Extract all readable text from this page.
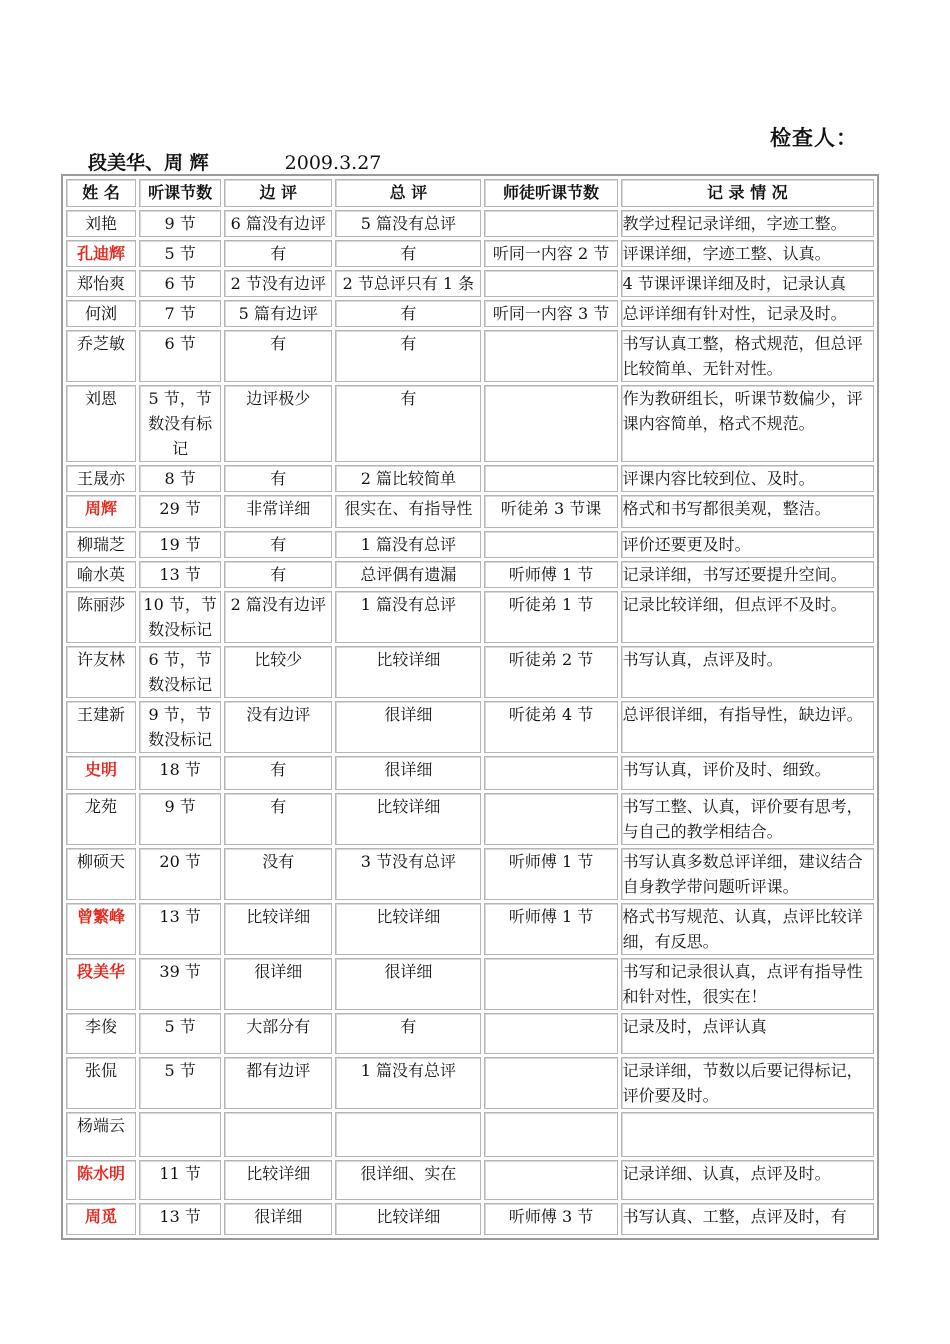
检查人：
段美华、周 辉	2009.3.27
姓 名	听课节数	边 评	总 评	师徒听课节数	记 录 情 况
刘艳	9 节	6 篇没有边评	5 篇没有总评		教学过程记录详细，字迹工整。
孔迪辉	5 节	有	有	听同一内容 2 节	评课详细，字迹工整、认真。
郑怡爽	6 节	2 节没有边评	2 节总评只有 1 条		4 节课评课详细及时，记录认真
何浏	7 节	5 篇有边评	有	听同一内容 3 节	总评详细有针对性，记录及时。
乔芝敏	6 节	有	有		书写认真工整，格式规范，但总评比较简单、无针对性。
刘恩	5 节，节数没有标记	边评极少	有		作为教研组长，听课节数偏少，评课内容简单，格式不规范。
王晟亦	8 节	有	2 篇比较简单		评课内容比较到位、及时。
周辉	29 节	非常详细	很实在、有指导性	听徒弟 3 节课	格式和书写都很美观，整洁。
柳瑞芝	19 节	有	1 篇没有总评		评价还要更及时。
喻水英	13 节	有	总评偶有遗漏	听师傅 1 节	记录详细，书写还要提升空间。
陈丽莎	10 节，节数没标记	2 篇没有边评	1 篇没有总评	听徒弟 1 节	记录比较详细，但点评不及时。
许友林	6 节，节数没标记	比较少	比较详细	听徒弟 2 节	书写认真，点评及时。
王建新	9 节，节数没标记	没有边评	很详细	听徒弟 4 节	总评很详细，有指导性，缺边评。
史明	18 节	有	很详细		书写认真，评价及时、细致。
龙苑	9 节	有	比较详细		书写工整、认真，评价要有思考，与自己的教学相结合。
柳硕天	20 节	没有	3 节没有总评	听师傅 1 节	书写认真多数总评详细，建议结合自身教学带问题听评课。
曾繁峰	13 节	比较详细	比较详细	听师傅 1 节	格式书写规范、认真，点评比较详细，有反思。
段美华	39 节	很详细	很详细		书写和记录很认真，点评有指导性和针对性，很实在！
李俊	5 节	大部分有	有		记录及时，点评认真
张侃	5 节	都有边评	1 篇没有总评		记录详细，节数以后要记得标记，评价要及时。
杨端云					
陈水明	11 节	比较详细	很详细、实在		记录详细、认真，点评及时。
周觅	13 节	很详细	比较详细	听师傅 3 节	书写认真、工整，点评及时，有
